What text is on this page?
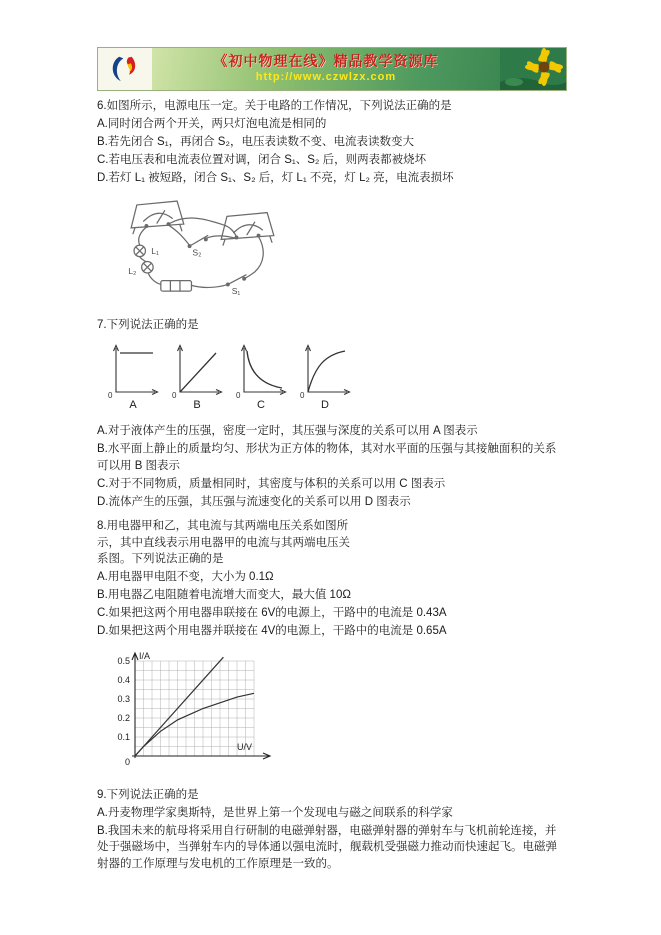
《初中物理在线》精品教学资源库
http://www.czwlzx.com

6.如图所示，电源电压一定。关于电路的工作情况，下列说法正确的是

A.同时闭合两个开关，两只灯泡电流是相同的

B.若先闭合 S₁，再闭合 S₂，电压表读数不变、电流表读数变大

C.若电压表和电流表位置对调，闭合 S₁、S₂ 后，则两表都被烧坏

D.若灯 L₁ 被短路，闭合 S₁、S₂ 后，灯 L₁ 不亮，灯 L₂ 亮，电流表损坏

L₁
L₂
S₂
S₁

7.下列说法正确的是

0
A
0
B
0
C
0
D

A.对于液体产生的压强，密度一定时，其压强与深度的关系可以用 A 图表示

B.水平面上静止的质量均匀、形状为正方体的物体，其对水平面的压强与其接触面积的关系可以用 B 图表示

C.对于不同物质，质量相同时，其密度与体积的关系可以用 C 图表示

D.流体产生的压强，其压强与流速变化的关系可以用 D 图表示

8.用电器甲和乙，其电流与其两端电压关系如图所示，其中直线表示用电器甲的电流与其两端电压关系图。下列说法正确的是

A.用电器甲电阻不变，大小为 0.1Ω

B.用电器乙电阻随着电流增大而变大，最大值 10Ω

C.如果把这两个用电器串联接在 6V的电源上，干路中的电流是 0.43A

D.如果把这两个用电器并联接在 4V的电源上，干路中的电流是 0.65A

0.1
0.2
0.3
0.4
0.5
0
I/A
U/V

9.下列说法正确的是

A.丹麦物理学家奥斯特，是世界上第一个发现电与磁之间联系的科学家

B.我国未来的航母将采用自行研制的电磁弹射器，电磁弹射器的弹射车与飞机前轮连接，并处于强磁场中，当弹射车内的导体通以强电流时，舰载机受强磁力推动而快速起飞。电磁弹射器的工作原理与发电机的工作原理是一致的。
